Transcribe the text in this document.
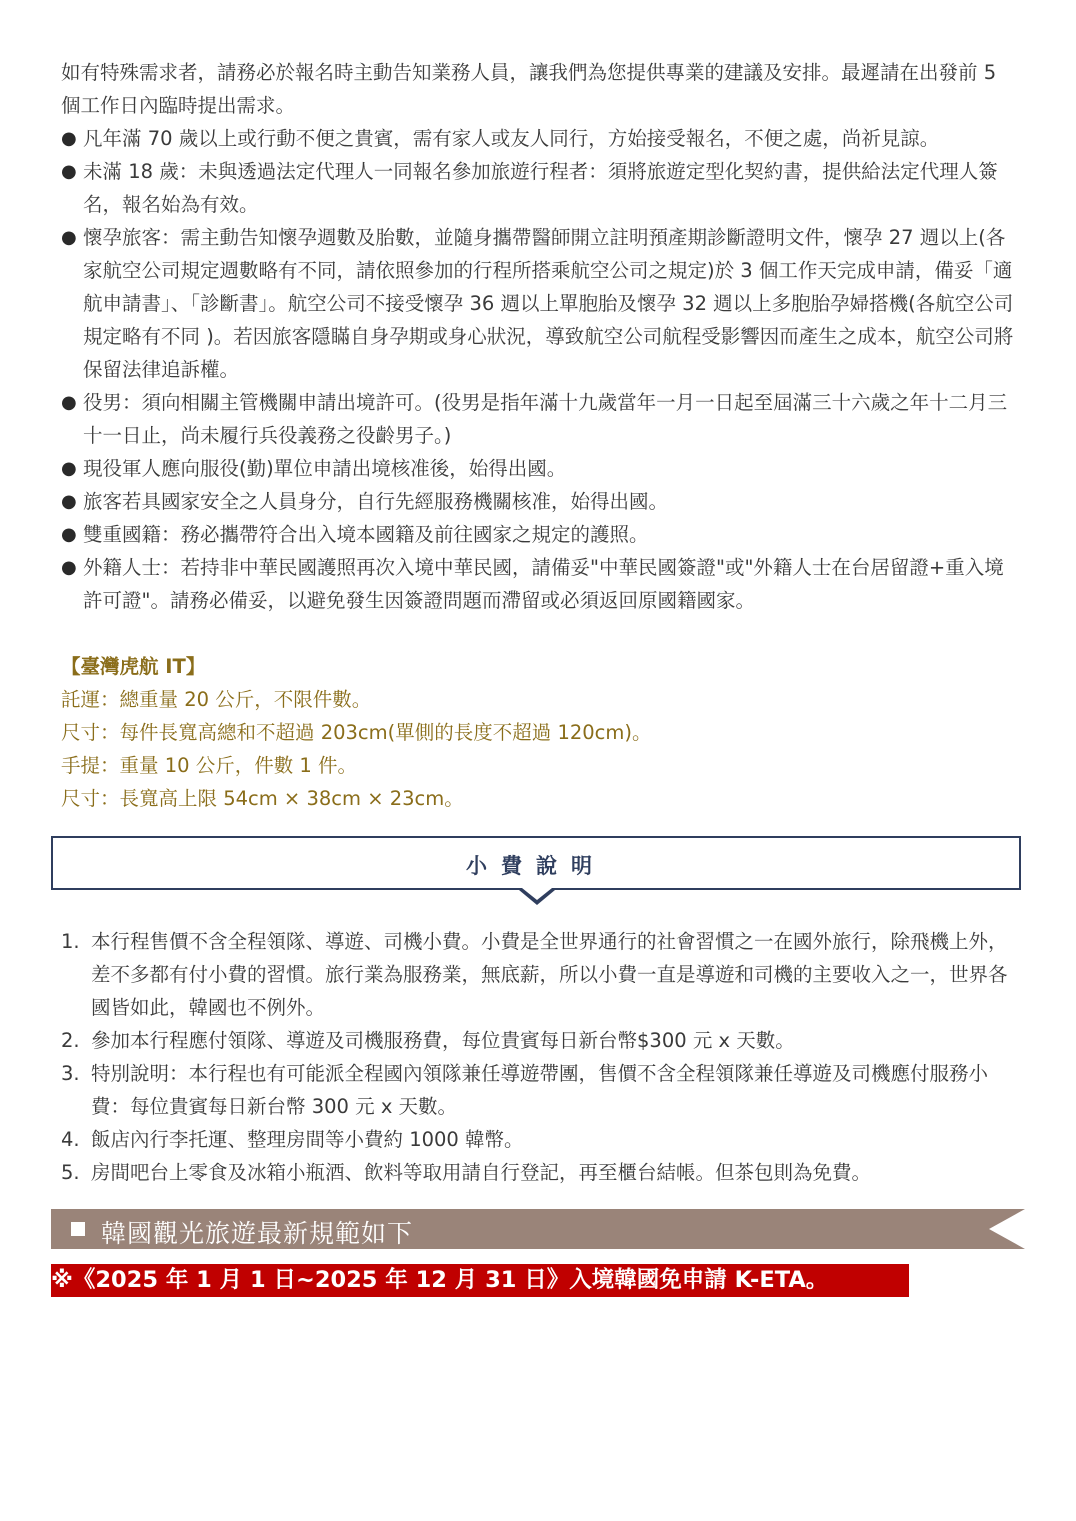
如有特殊需求者，請務必於報名時主動告知業務人員，讓我們為您提供專業的建議及安排。最遲請在出發前 5 個工作日內臨時提出需求。

● 凡年滿 70 歲以上或行動不便之貴賓，需有家人或友人同行，方始接受報名，不便之處，尚祈見諒。
● 未滿 18 歲：未與透過法定代理人一同報名參加旅遊行程者：須將旅遊定型化契約書，提供給法定代理人簽名，報名始為有效。
● 懷孕旅客：需主動告知懷孕週數及胎數，並隨身攜帶醫師開立註明預產期診斷證明文件，懷孕 27 週以上(各家航空公司規定週數略有不同，請依照參加的行程所搭乘航空公司之規定)於 3 個工作天完成申請，備妥「適航申請書」、「診斷書」。航空公司不接受懷孕 36 週以上單胞胎及懷孕 32 週以上多胞胎孕婦搭機(各航空公司規定略有不同 )。若因旅客隱瞞自身孕期或身心狀況，導致航空公司航程受影響因而產生之成本，航空公司將保留法律追訴權。
● 役男：須向相關主管機關申請出境許可。(役男是指年滿十九歲當年一月一日起至屆滿三十六歲之年十二月三十一日止，尚未履行兵役義務之役齡男子。)
● 現役軍人應向服役(勤)單位申請出境核准後，始得出國。
● 旅客若具國家安全之人員身分，自行先經服務機關核准，始得出國。
● 雙重國籍：務必攜帶符合出入境本國籍及前往國家之規定的護照。
● 外籍人士：若持非中華民國護照再次入境中華民國，請備妥"中華民國簽證"或"外籍人士在台居留證+重入境許可證"。請務必備妥，以避免發生因簽證問題而滯留或必須返回原國籍國家。
【臺灣虎航 IT】
託運：總重量 20 公斤，不限件數。
尺寸：每件長寬高總和不超過 203cm(單側的長度不超過 120cm)。
手提：重量 10 公斤，件數 1 件。
尺寸：長寬高上限 54cm × 38cm × 23cm。
小費說明
1. 本行程售價不含全程領隊、導遊、司機小費。小費是全世界通行的社會習慣之一在國外旅行，除飛機上外，差不多都有付小費的習慣。旅行業為服務業，無底薪，所以小費一直是導遊和司機的主要收入之一，世界各國皆如此，韓國也不例外。
2. 參加本行程應付領隊、導遊及司機服務費，每位貴賓每日新台幣$300 元 x 天數。
3. 特別說明：本行程也有可能派全程國內領隊兼任導遊帶團，售價不含全程領隊兼任導遊及司機應付服務小費：每位貴賓每日新台幣 300 元 x 天數。
4. 飯店內行李托運、整理房間等小費約 1000 韓幣。
5. 房間吧台上零食及冰箱小瓶酒、飲料等取用請自行登記，再至櫃台結帳。但茶包則為免費。
韓國觀光旅遊最新規範如下
※《2025 年 1 月 1 日~2025 年 12 月 31 日》入境韓國免申請 K-ETA。
